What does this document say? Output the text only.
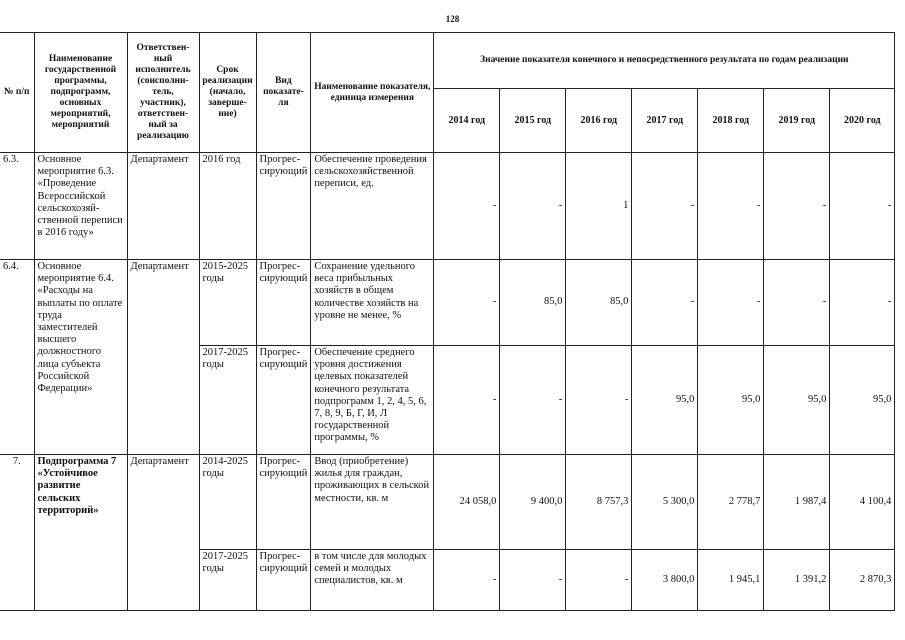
128
№ п/п	Наименование государственной программы, подпрограмм, основных мероприятий, мероприятий	Ответствен-ный исполнитель (соисполни-тель, участник), ответствен-ный за реализацию	Срок реализации (начало, заверше-ние)	Вид показате-ля	Наименование показателя, единица измерения	Значение показателя конечного и непосредственного результата по годам реализации						
						2014 год	2015 год	2016 год	2017 год	2018 год	2019 год	2020 год
6.3.	Основное мероприятие 6.3. «Проведение Всероссийской сельскохозяй-ственной переписи в 2016 году»	Департамент	2016 год	Прогрес-сирующий	Обеспечение проведения сельскохозяйственной переписи, ед.	-	-	1	-	-	-	-
6.4.	Основное мероприятие 6.4. «Расходы на выплаты по оплате труда заместителей высшего должностного лица субъекта Российской Федерации»	Департамент	2015-2025 годы	Прогрес-сирующий	Сохранение удельного веса прибыльных хозяйств в общем количестве хозяйств на уровне не менее, %	-	85,0	85,0	-	-	-	-
			2017-2025 годы	Прогрес-сирующий	Обеспечение среднего уровня достижения целевых показателей конечного результата подпрограмм 1, 2, 4, 5, 6, 7, 8, 9, Б, Г, И, Л государственной программы, %	-	-	-	95,0	95,0	95,0	95,0
7.	Подпрограмма 7 «Устойчивое развитие сельских территорий»	Департамент	2014-2025 годы	Прогрес-сирующий	Ввод (приобретение) жилья для граждан, проживающих в сельской местности, кв. м	24 058,0	9 400,0	8 757,3	5 300,0	2 778,7	1 987,4	4 100,4
			2017-2025 годы	Прогрес-сирующий	в том числе для молодых семей и молодых специалистов, кв. м	-	-	-	3 800,0	1 945,1	1 391,2	2 870,3
